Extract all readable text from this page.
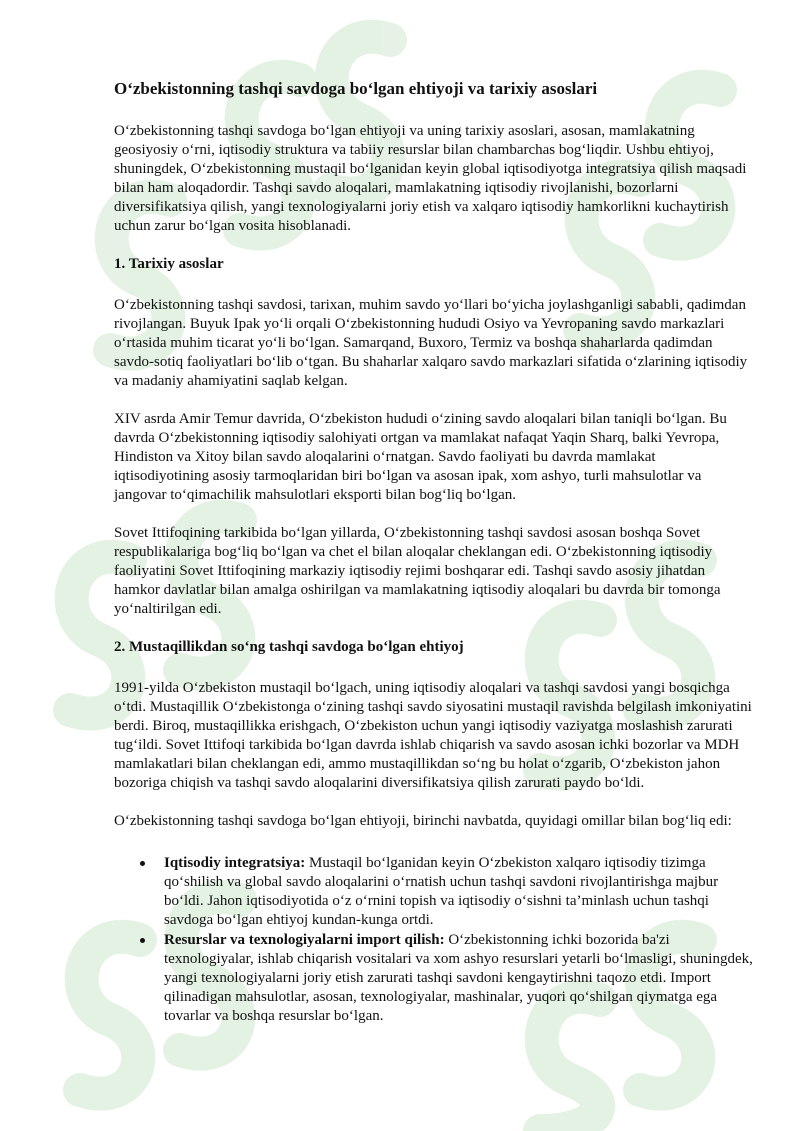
O‘zbekistonning tashqi savdoga bo‘lgan ehtiyoji va tarixiy asoslari

O‘zbekistonning tashqi savdoga bo‘lgan ehtiyoji va uning tarixiy asoslari, asosan, mamlakatning geosiyosiy o‘rni, iqtisodiy struktura va tabiiy resurslar bilan chambarchas bog‘liqdir. Ushbu ehtiyoj, shuningdek, O‘zbekistonning mustaqil bo‘lganidan keyin global iqtisodiyotga integratsiya qilish maqsadi bilan ham aloqadordir. Tashqi savdo aloqalari, mamlakatning iqtisodiy rivojlanishi, bozorlarni diversifikatsiya qilish, yangi texnologiyalarni joriy etish va xalqaro iqtisodiy hamkorlikni kuchaytirish uchun zarur bo‘lgan vosita hisoblanadi.

1. Tarixiy asoslar

O‘zbekistonning tashqi savdosi, tarixan, muhim savdo yo‘llari bo‘yicha joylashganligi sababli, qadimdan rivojlangan. Buyuk Ipak yo‘li orqali O‘zbekistonning hududi Osiyo va Yevropaning savdo markazlari o‘rtasida muhim ticarat yo‘li bo‘lgan. Samarqand, Buxoro, Termiz va boshqa shaharlarda qadimdan savdo-sotiq faoliyatlari bo‘lib o‘tgan. Bu shaharlar xalqaro savdo markazlari sifatida o‘zlarining iqtisodiy va madaniy ahamiyatini saqlab kelgan.

XIV asrda Amir Temur davrida, O‘zbekiston hududi o‘zining savdo aloqalari bilan taniqli bo‘lgan. Bu davrda O‘zbekistonning iqtisodiy salohiyati ortgan va mamlakat nafaqat Yaqin Sharq, balki Yevropa, Hindiston va Xitoy bilan savdo aloqalarini o‘rnatgan. Savdo faoliyati bu davrda mamlakat iqtisodiyotining asosiy tarmoqlaridan biri bo‘lgan va asosan ipak, xom ashyo, turli mahsulotlar va jangovar to‘qimachilik mahsulotlari eksporti bilan bog‘liq bo‘lgan.

Sovet Ittifoqining tarkibida bo‘lgan yillarda, O‘zbekistonning tashqi savdosi asosan boshqa Sovet respublikalariga bog‘liq bo‘lgan va chet el bilan aloqalar cheklangan edi. O‘zbekistonning iqtisodiy faoliyatini Sovet Ittifoqining markaziy iqtisodiy rejimi boshqarar edi. Tashqi savdo asosiy jihatdan hamkor davlatlar bilan amalga oshirilgan va mamlakatning iqtisodiy aloqalari bu davrda bir tomonga yo‘naltirilgan edi.

2. Mustaqillikdan so‘ng tashqi savdoga bo‘lgan ehtiyoj

1991-yilda O‘zbekiston mustaqil bo‘lgach, uning iqtisodiy aloqalari va tashqi savdosi yangi bosqichga o‘tdi. Mustaqillik O‘zbekistonga o‘zining tashqi savdo siyosatini mustaqil ravishda belgilash imkoniyatini berdi. Biroq, mustaqillikka erishgach, O‘zbekiston uchun yangi iqtisodiy vaziyatga moslashish zarurati tug‘ildi. Sovet Ittifoqi tarkibida bo‘lgan davrda ishlab chiqarish va savdo asosan ichki bozorlar va MDH mamlakatlari bilan cheklangan edi, ammo mustaqillikdan so‘ng bu holat o‘zgarib, O‘zbekiston jahon bozoriga chiqish va tashqi savdo aloqalarini diversifikatsiya qilish zarurati paydo bo‘ldi.

O‘zbekistonning tashqi savdoga bo‘lgan ehtiyoji, birinchi navbatda, quyidagi omillar bilan bog‘liq edi:

Iqtisodiy integratsiya: Mustaqil bo‘lganidan keyin O‘zbekiston xalqaro iqtisodiy tizimga qo‘shilish va global savdo aloqalarini o‘rnatish uchun tashqi savdoni rivojlantirishga majbur bo‘ldi. Jahon iqtisodiyotida o‘z o‘rnini topish va iqtisodiy o‘sishni ta’minlash uchun tashqi savdoga bo‘lgan ehtiyoj kundan-kunga ortdi.
Resurslar va texnologiyalarni import qilish: O‘zbekistonning ichki bozorida ba'zi texnologiyalar, ishlab chiqarish vositalari va xom ashyo resurslari yetarli bo‘lmasligi, shuningdek, yangi texnologiyalarni joriy etish zarurati tashqi savdoni kengaytirishni taqozo etdi. Import qilinadigan mahsulotlar, asosan, texnologiyalar, mashinalar, yuqori qo‘shilgan qiymatga ega tovarlar va boshqa resurslar bo‘lgan.
